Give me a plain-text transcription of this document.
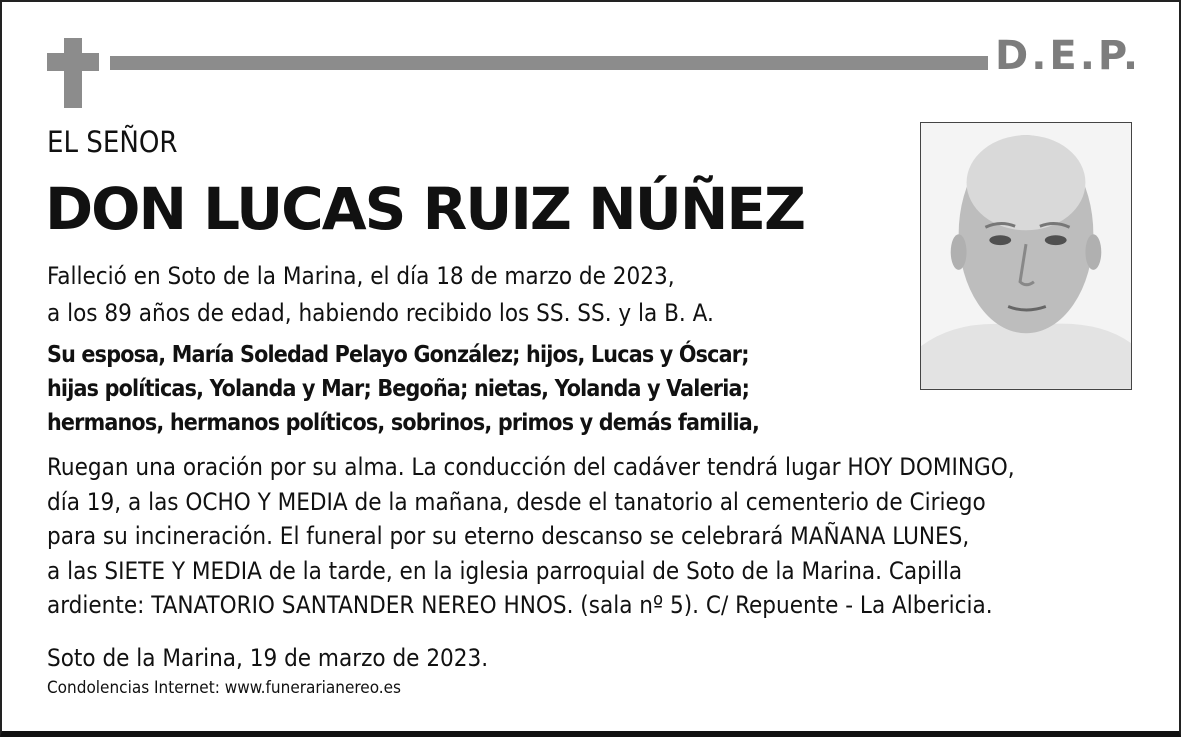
D.E.P.
EL SEÑOR
DON LUCAS RUIZ NÚÑEZ
Falleció en Soto de la Marina, el día 18 de marzo de 2023,
a los 89 años de edad, habiendo recibido los SS. SS. y la B. A.
Su esposa, María Soledad Pelayo González; hijos, Lucas y Óscar;
hijas políticas, Yolanda y Mar; Begoña; nietas, Yolanda y Valeria;
hermanos, hermanos políticos, sobrinos, primos y demás familia,
Ruegan una oración por su alma. La conducción del cadáver tendrá lugar HOY DOMINGO,
día 19, a las OCHO Y MEDIA de la mañana, desde el tanatorio al cementerio de Ciriego
para su incineración. El funeral por su eterno descanso se celebrará MAÑANA LUNES,
a las SIETE Y MEDIA de la tarde, en la iglesia parroquial de Soto de la Marina. Capilla
ardiente: TANATORIO SANTANDER NEREO HNOS. (sala nº 5). C/ Repuente - La Albericia.
Soto de la Marina, 19 de marzo de 2023.
Condolencias Internet: www.funerarianereo.es
